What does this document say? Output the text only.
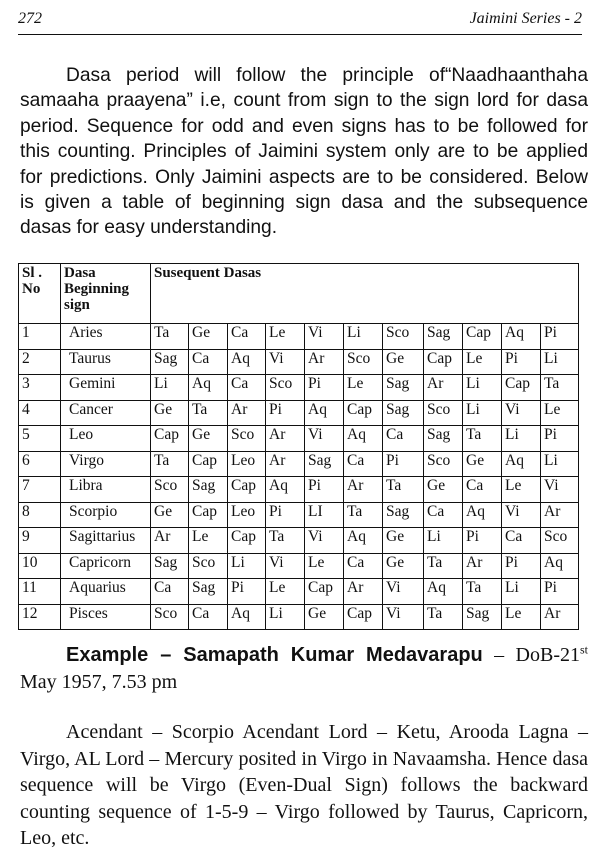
272	Jaimini Series - 2

Dasa period will follow the principle of“Naadhaanthaha samaaha praayena” i.e, count from sign to the sign lord for dasa period. Sequence for odd and even signs has to be followed for this counting. Principles of Jaimini system only are to be applied for predictions. Only Jaimini aspects are to be considered. Below is given a table of beginning sign dasa and the subsequence dasas for easy understanding.

Sl . No	Dasa Beginning sign	Susequent Dasas										
1	Aries	Ta	Ge	Ca	Le	Vi	Li	Sco	Sag	Cap	Aq	Pi
2	Taurus	Sag	Ca	Aq	Vi	Ar	Sco	Ge	Cap	Le	Pi	Li
3	Gemini	Li	Aq	Ca	Sco	Pi	Le	Sag	Ar	Li	Cap	Ta
4	Cancer	Ge	Ta	Ar	Pi	Aq	Cap	Sag	Sco	Li	Vi	Le
5	Leo	Cap	Ge	Sco	Ar	Vi	Aq	Ca	Sag	Ta	Li	Pi
6	Virgo	Ta	Cap	Leo	Ar	Sag	Ca	Pi	Sco	Ge	Aq	Li
7	Libra	Sco	Sag	Cap	Aq	Pi	Ar	Ta	Ge	Ca	Le	Vi
8	Scorpio	Ge	Cap	Leo	Pi	LI	Ta	Sag	Ca	Aq	Vi	Ar
9	Sagittarius	Ar	Le	Cap	Ta	Vi	Aq	Ge	Li	Pi	Ca	Sco
10	Capricorn	Sag	Sco	Li	Vi	Le	Ca	Ge	Ta	Ar	Pi	Aq
11	Aquarius	Ca	Sag	Pi	Le	Cap	Ar	Vi	Aq	Ta	Li	Pi
12	Pisces	Sco	Ca	Aq	Li	Ge	Cap	Vi	Ta	Sag	Le	Ar

Example – Samapath Kumar Medavarapu – DoB-21st May 1957, 7.53 pm

Acendant – Scorpio Acendant Lord – Ketu, Arooda Lagna – Virgo, AL Lord – Mercury posited in Virgo in Navaamsha. Hence dasa sequence will be Virgo (Even-Dual Sign) follows the backward counting sequence of 1-5-9 – Virgo followed by Taurus, Capricorn, Leo, etc.
